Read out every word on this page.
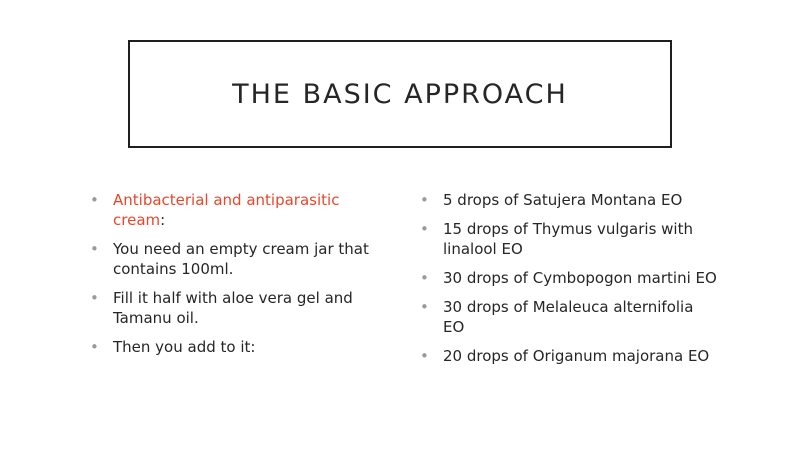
THE BASIC APPROACH
• Antibacterial and antiparasitic cream:
• You need an empty cream jar that contains 100ml.
• Fill it half with aloe vera gel and Tamanu oil.
• Then you add to it:
• 5 drops of Satujera Montana EO
• 15 drops of Thymus vulgaris with linalool EO
• 30 drops of Cymbopogon martini EO
• 30 drops of Melaleuca alternifolia EO
• 20 drops of Origanum majorana EO
